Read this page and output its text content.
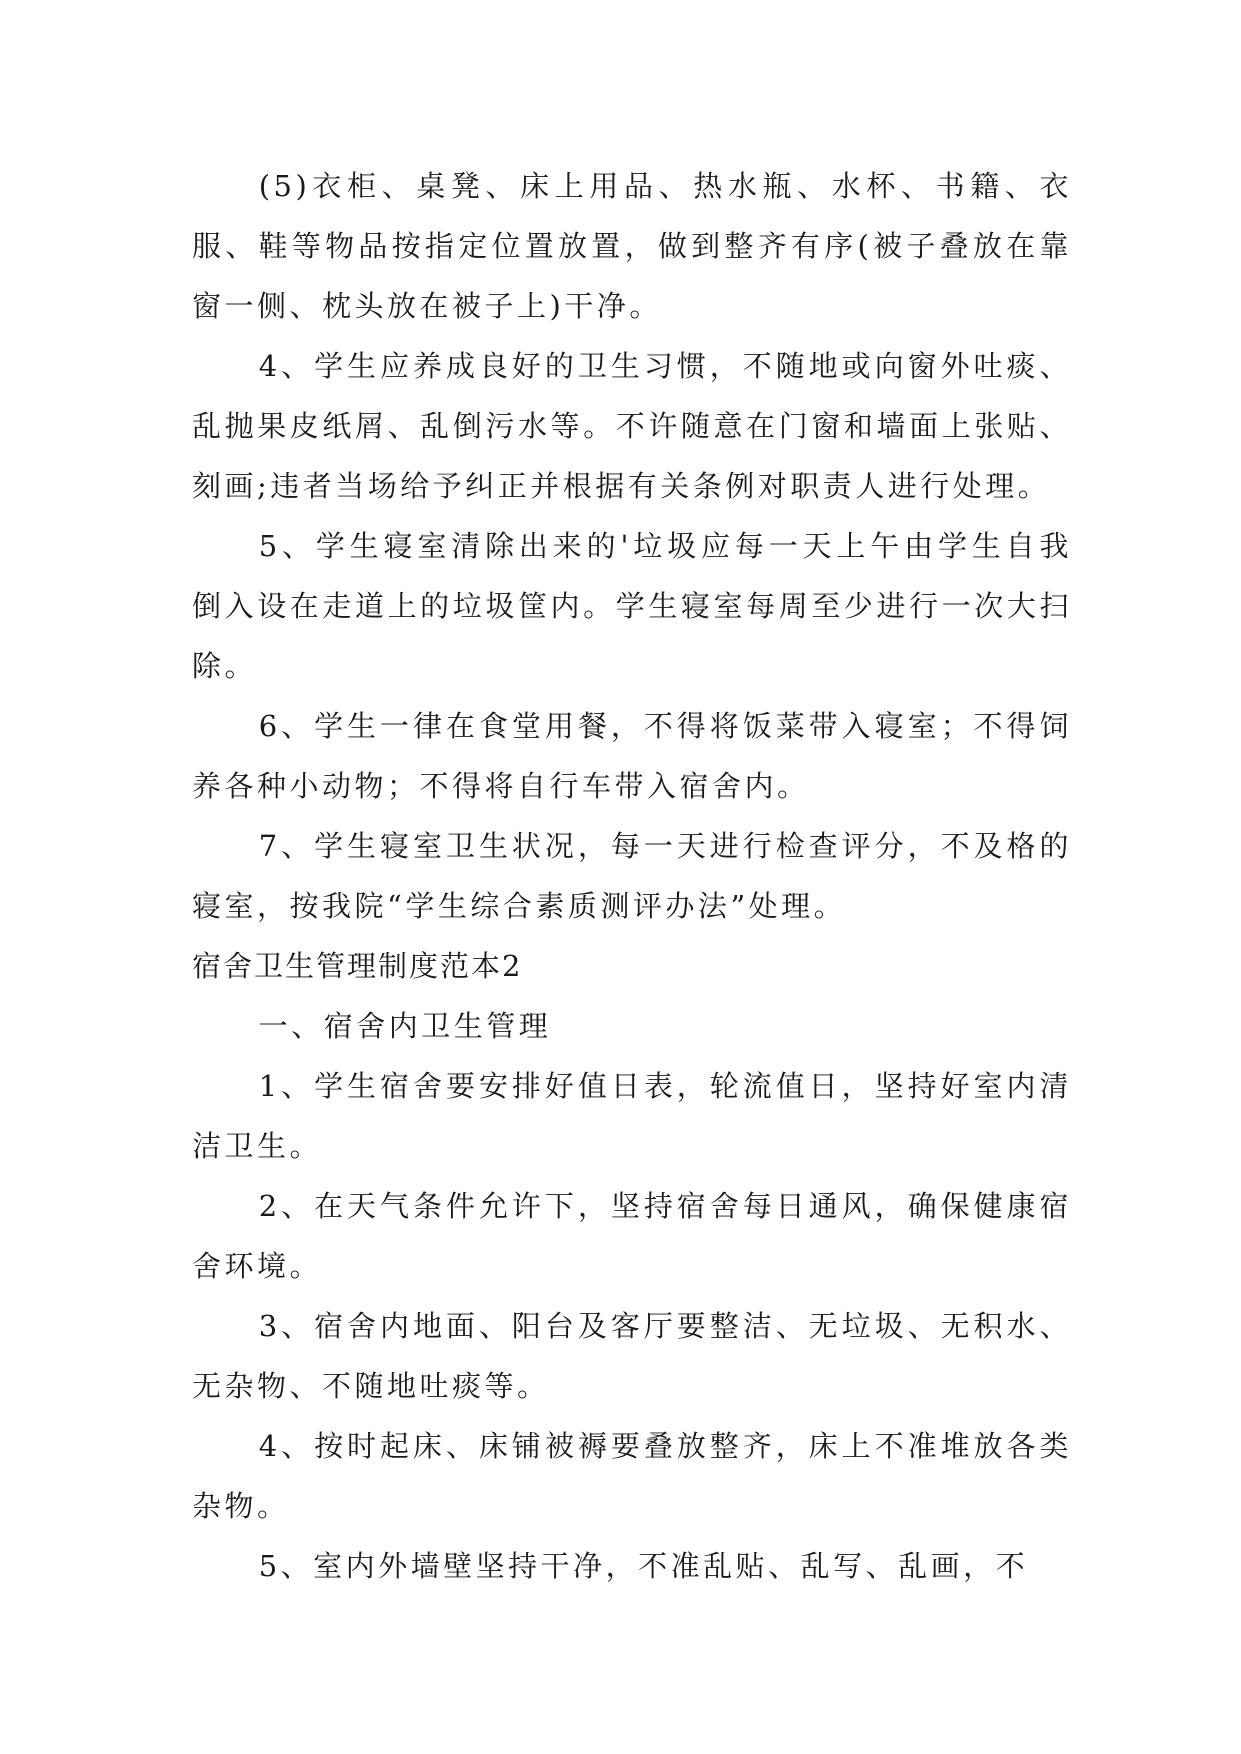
(5)衣柜、桌凳、床上用品、热水瓶、水杯、书籍、衣服、鞋等物品按指定位置放置，做到整齐有序(被子叠放在靠窗一侧、枕头放在被子上)干净。

4、学生应养成良好的卫生习惯，不随地或向窗外吐痰、乱抛果皮纸屑、乱倒污水等。不许随意在门窗和墙面上张贴、刻画;违者当场给予纠正并根据有关条例对职责人进行处理。

5、学生寝室清除出来的'垃圾应每一天上午由学生自我倒入设在走道上的垃圾筐内。学生寝室每周至少进行一次大扫除。

6、学生一律在食堂用餐，不得将饭菜带入寝室；不得饲养各种小动物；不得将自行车带入宿舍内。

7、学生寝室卫生状况，每一天进行检查评分，不及格的寝室，按我院“学生综合素质测评办法”处理。

宿舍卫生管理制度范本2

一、宿舍内卫生管理

1、学生宿舍要安排好值日表，轮流值日，坚持好室内清洁卫生。

2、在天气条件允许下，坚持宿舍每日通风，确保健康宿舍环境。

3、宿舍内地面、阳台及客厅要整洁、无垃圾、无积水、无杂物、不随地吐痰等。

4、按时起床、床铺被褥要叠放整齐，床上不准堆放各类杂物。

5、室内外墙壁坚持干净，不准乱贴、乱写、乱画，不
